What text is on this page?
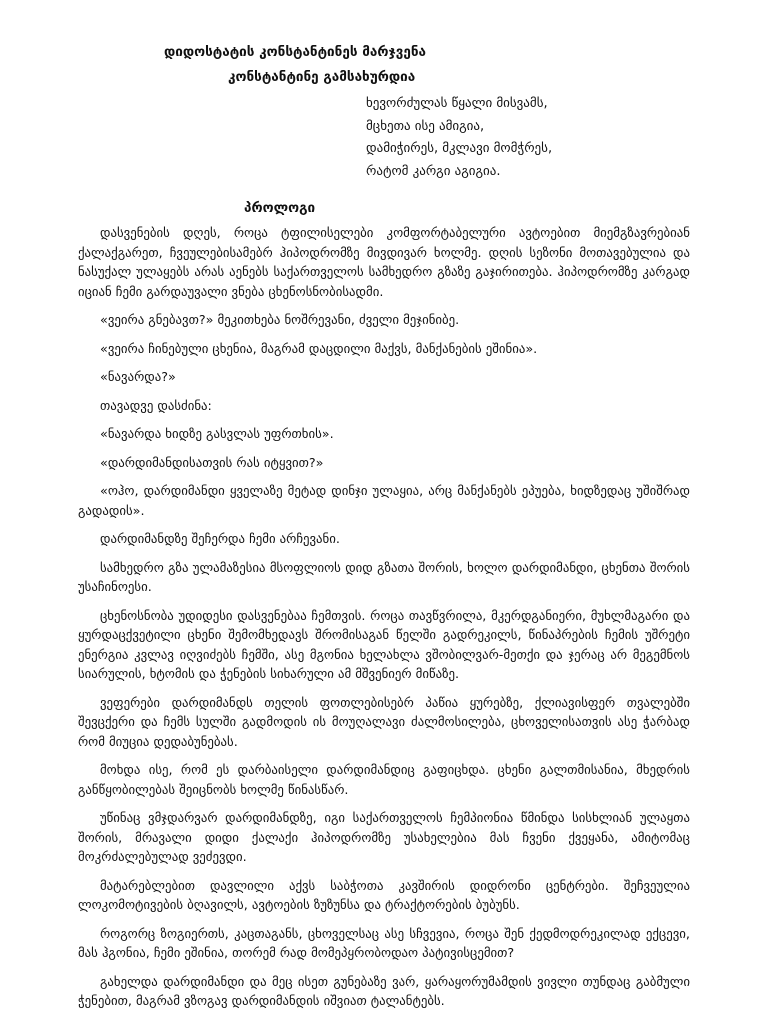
დიდოსტატის კონსტანტინეს მარჯვენა
კონსტანტინე გამსახურდია
ხევორძულას წყალი მისვამს,
მცხეთა ისე ამიგია,
დამიჭირეს, მკლავი მომჭრეს,
რატომ კარგი აგიგია.
პროლოგი

დასვენების დღეს, როცა ტფილისელები კომფორტაბელური ავტოებით მიემგზავრებიან ქალაქგარეთ, ჩვეულებისამებრ ჰიპოდრომზე მივდივარ ხოლმე. დღის სეზონი მოთავებულია და ნასუქალ ულაყებს არას აენებს საქართველოს სამხედრო გზაზე გაჯირითება. ჰიპოდრომზე კარგად იციან ჩემი გარდაუვალი ვნება ცხენოსნობისადმი.

«ვეირა გნებავთ?» მეკითხება ნოშრევანი, ძველი მეჯინიბე.

«ვეირა ჩინებული ცხენია, მაგრამ დაცდილი მაქვს, მანქანების ეშინია».

«ნავარდა?»

თავადვე დასძინა:

«ნავარდა ხიდზე გასვლას უფრთხის».

«დარდიმანდისათვის რას იტყვით?»

«ოჰო, დარდიმანდი ყველაზე მეტად დინჯი ულაყია, არც მანქანებს ეპუება, ხიდზედაც უშიშრად გადადის».

დარდიმანდზე შეჩერდა ჩემი არჩევანი.

სამხედრო გზა ულამაზესია მსოფლიოს დიდ გზათა შორის, ხოლო დარდიმანდი, ცხენთა შორის უსაჩინოესი.

ცხენოსნობა უდიდესი დასვენებაა ჩემთვის. როცა თავწვრილა, მკერდგანიერი, მუხლმაგარი და ყურდაცქვეტილი ცხენი შემომხედავს შრომისაგან წელში გადრეკილს, წინაპრების ჩემის უშრეტი ენერგია კვლავ იღვიძებს ჩემში, ასე მგონია ხელახლა ვშობილვარ-მეთქი და ჯერაც არ მეგემნოს სიარულის, ხტომის და ჭენების სიხარული ამ მშვენიერ მიწაზე.

ვეფერები დარდიმანდს თელის ფოთლებისებრ პაწია ყურებზე, ქლიავისფერ თვალებში შევცქერი და ჩემს სულში გადმოდის ის მოუღალავი ძალმოსილება, ცხოველისათვის ასე ჭარბად რომ მიუცია დედაბუნებას.

მოხდა ისე, რომ ეს დარბაისელი დარდიმანდიც გაფიცხდა. ცხენი გალთმისანია, მხედრის განწყობილებას შეიცნობს ხოლმე წინასწარ.

უწინაც ვმჯდარვარ დარდიმანდზე, იგი საქართველოს ჩემპიონია წმინდა სისხლიან ულაყთა შორის, მრავალი დიდი ქალაქი ჰიპოდრომზე უსახელებია მას ჩვენი ქვეყანა, ამიტომაც მოკრძალებულად ვეძევდი.

მატარებლებით დავლილი აქვს საბჭოთა კავშირის დიდრონი ცენტრები. შეჩვეულია ლოკომოტივების ბღავილს, ავტოების ზუზუნსა და ტრაქტორების ბუბუნს.

როგორც ზოგიერთს, კაცთაგანს, ცხოველსაც ასე სჩვევია, როცა შენ ქედმოდრეკილად ექცევი, მას ჰგონია, ჩემი ეშინია, თორემ რად მომეპყრობოდაო პატივისცემით?

გახელდა დარდიმანდი და მეც ისეთ გუნებაზე ვარ, ყარაყორუმამდის ვივლი თუნდაც გაბმული ჭენებით, მაგრამ ვზოგავ დარდიმანდის იშვიათ ტალანტებს.
